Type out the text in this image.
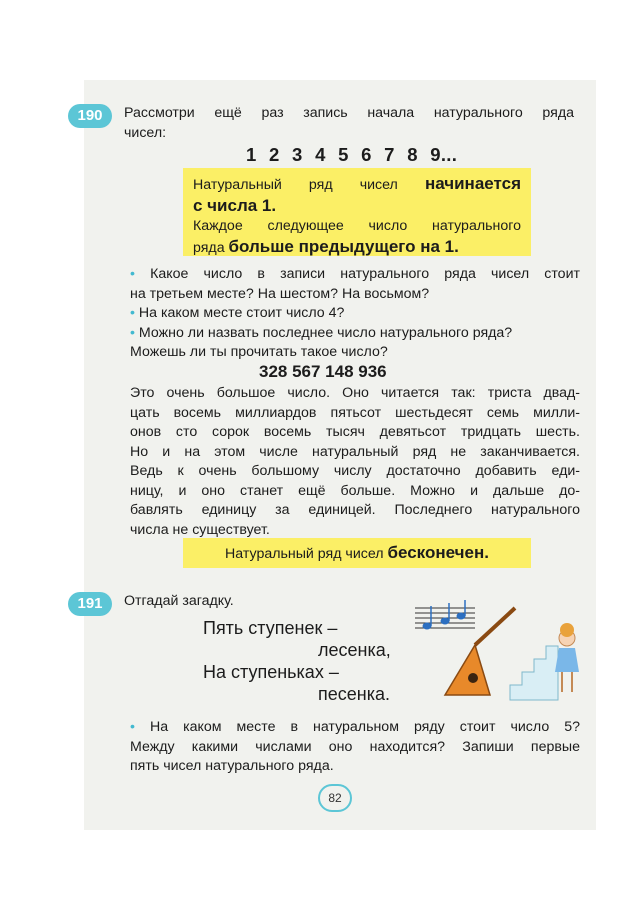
190	Рассмотри ещё раз запись начала натурального ряда
чисел:
1 2 3 4 5 6 7 8 9...
Натуральный ряд чисел начинается
с числа 1.
Каждое следующее число натурального
ряда больше предыдущего на 1.
• Какое число в записи натурального ряда чисел стоит
на третьем месте? На шестом? На восьмом?
• На каком месте стоит число 4?
• Можно ли назвать последнее число натурального ряда?
Можешь ли ты прочитать такое число?
328 567 148 936
Это очень большое число. Оно читается так: триста двад-
цать восемь миллиардов пятьсот шестьдесят семь милли-
онов сто сорок восемь тысяч девятьсот тридцать шесть.
Но и на этом числе натуральный ряд не заканчивается.
Ведь к очень большому числу достаточно добавить еди-
ницу, и оно станет ещё больше. Можно и дальше до-
бавлять единицу за единицей. Последнего натурального
числа не существует.
Натуральный ряд чисел бесконечен.
191	Отгадай загадку.
Пять ступенек –
лесенка,
На ступеньках –
песенка.
• На каком месте в натуральном ряду стоит число 5?
Между какими числами оно находится? Запиши первые
пять чисел натурального ряда.
82
